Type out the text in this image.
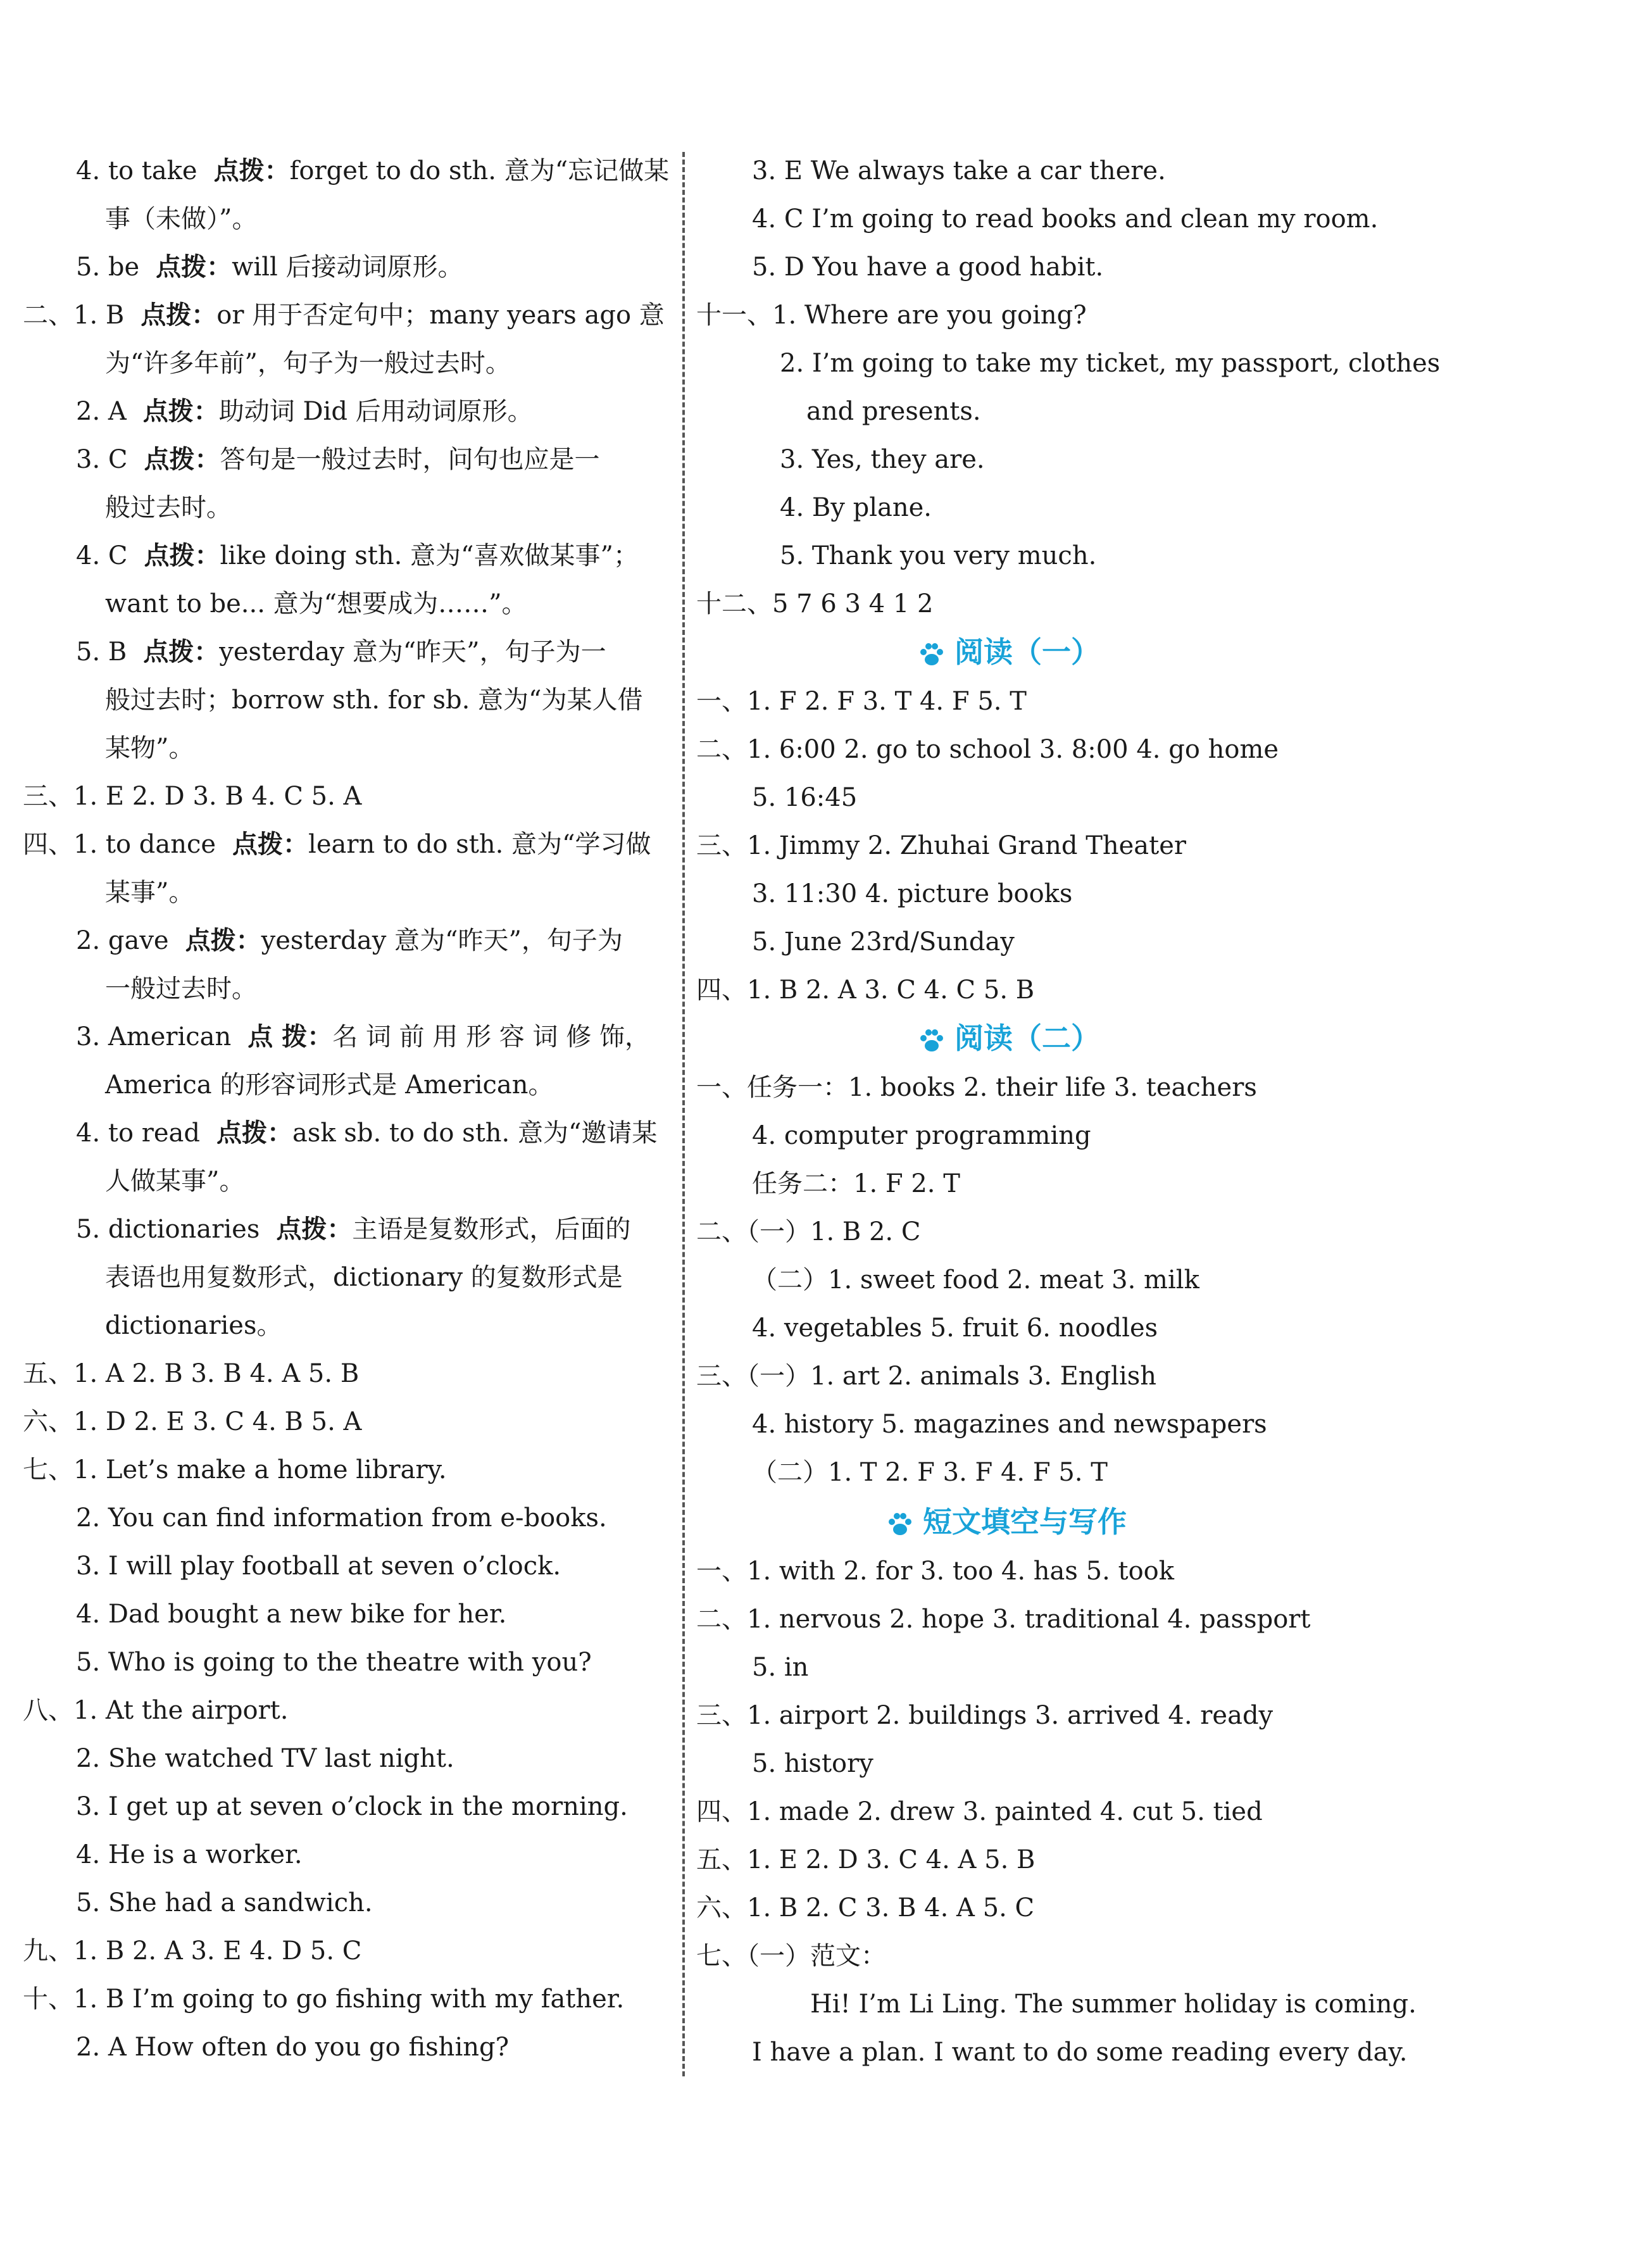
4. to take 点拨：forget to do sth. 意为“忘记做某
事（未做）”。
5. be 点拨：will 后接动词原形。
二、1. B 点拨：or 用于否定句中；many years ago 意
为“许多年前”，句子为一般过去时。
2. A 点拨：助动词 Did 后用动词原形。
3. C 点拨：答句是一般过去时，问句也应是一
般过去时。
4. C 点拨：like doing sth. 意为“喜欢做某事”；
want to be... 意为“想要成为……”。
5. B 点拨：yesterday 意为“昨天”，句子为一
般过去时；borrow sth. for sb. 意为“为某人借
某物”。
三、1. E 2. D 3. B 4. C 5. A
四、1. to dance 点拨：learn to do sth. 意为“学习做
某事”。
2. gave 点拨：yesterday 意为“昨天”，句子为
一般过去时。
3. American 点 拨：名 词 前 用 形 容 词 修 饰，
America 的形容词形式是 American。
4. to read 点拨：ask sb. to do sth. 意为“邀请某
人做某事”。
5. dictionaries 点拨：主语是复数形式，后面的
表语也用复数形式，dictionary 的复数形式是
dictionaries。
五、1. A 2. B 3. B 4. A 5. B
六、1. D 2. E 3. C 4. B 5. A
七、1. Let’s make a home library.
2. You can find information from e-books.
3. I will play football at seven o’clock.
4. Dad bought a new bike for her.
5. Who is going to the theatre with you?
八、1. At the airport.
2. She watched TV last night.
3. I get up at seven o’clock in the morning.
4. He is a worker.
5. She had a sandwich.
九、1. B 2. A 3. E 4. D 5. C
十、1. B I’m going to go fishing with my father.
2. A How often do you go fishing?
3. E We always take a car there.
4. C I’m going to read books and clean my room.
5. D You have a good habit.
十一、1. Where are you going?
2. I’m going to take my ticket, my passport, clothes
and presents.
3. Yes, they are.
4. By plane.
5. Thank you very much.
十二、5 7 6 3 4 1 2
阅读（一）
一、1. F 2. F 3. T 4. F 5. T
二、1. 6:00 2. go to school 3. 8:00 4. go home
5. 16:45
三、1. Jimmy 2. Zhuhai Grand Theater
3. 11:30 4. picture books
5. June 23rd/Sunday
四、1. B 2. A 3. C 4. C 5. B
阅读（二）
一、任务一：1. books 2. their life 3. teachers
4. computer programming
任务二：1. F 2. T
二、（一）1. B 2. C
（二）1. sweet food 2. meat 3. milk
4. vegetables 5. fruit 6. noodles
三、（一）1. art 2. animals 3. English
4. history 5. magazines and newspapers
（二）1. T 2. F 3. F 4. F 5. T
短文填空与写作
一、1. with 2. for 3. too 4. has 5. took
二、1. nervous 2. hope 3. traditional 4. passport
5. in
三、1. airport 2. buildings 3. arrived 4. ready
5. history
四、1. made 2. drew 3. painted 4. cut 5. tied
五、1. E 2. D 3. C 4. A 5. B
六、1. B 2. C 3. B 4. A 5. C
七、（一）范文：
Hi! I’m Li Ling. The summer holiday is coming.
I have a plan. I want to do some reading every day.
